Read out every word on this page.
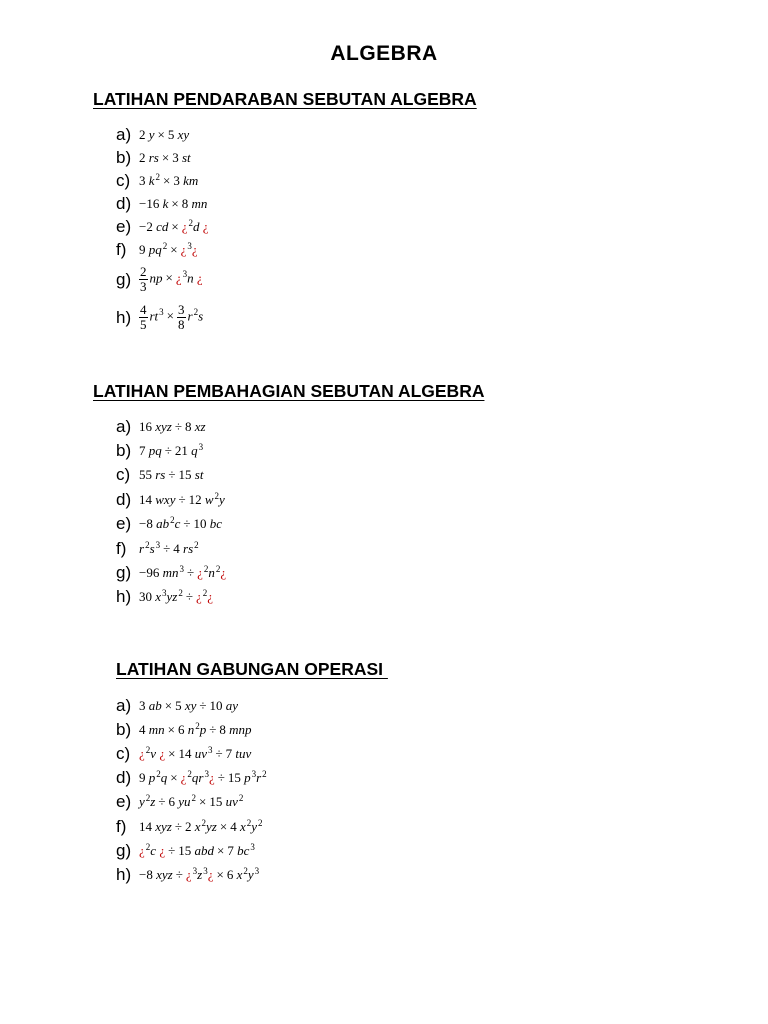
ALGEBRA
LATIHAN PENDARABAN SEBUTAN ALGEBRA
a) 2 y × 5 xy
b) 2 rs × 3 st
c) 3 $k^2 \times 3$ km
d) −16 k × 8 mn
e) −2 cd × ¿$^2$d ¿
f) 9 $pq^2$ × ¿$^3$¿
$g) \frac{2}{3}$ np × ¿$^3$n ¿
$h) \frac{4}{5} rt^3 \times \frac{3}{8} r^2s$
LATIHAN PEMBAHAGIAN SEBUTAN ALGEBRA
a) 16 xyz ÷ 8 xz
b) 7 pq ÷ 21 $q^3$
c) 55 rs ÷ 15 st
d) 14 wxy ÷ 12 $w^2y$
e) −8 $ab^2c \div 10$ bc
f) $r^2s^3 \div 4$ $rs^2$
g) −96 $mn^3$ ÷ ¿$^2n^2¿$
h) 30 $x^3yz^2$ ÷ ¿$^2$¿
LATIHAN GABUNGAN OPERASI
a) 3 ab × 5 xy ÷ 10 ay
b) 4 mn × 6 $n^2p \div 8$ mnp
c) ¿$^2$v ¿ × 14 $uv^3 \div 7$ tuv
d) 9 $p^2q$ × ¿$^2qr^3¿ \div 15$ $p^3r^2$
e) $y^2z \div 6$ $yu^2 \times 15$ $uv^2$
f) 14 xyz ÷ 2 $x^2yz \times 4$ $x^2y^2$
g) ¿$^2$c ¿ ÷ 15 abd × 7 $bc^3$
h) −8 xyz ÷ ¿$^3z^3¿ \times 6$ $x^2y^3$
